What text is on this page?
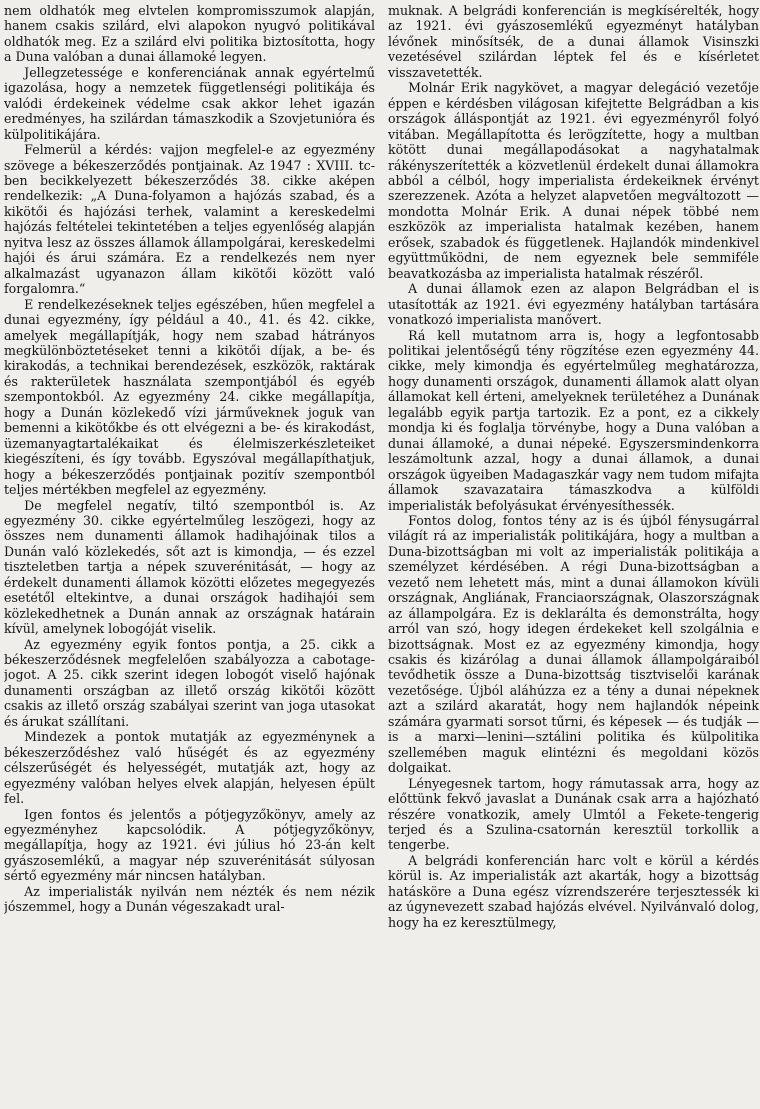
nem oldhatók meg elvtelen kompromisszumok alapján, hanem csakis szilárd, elvi alapokon nyugvó politikával oldhatók meg. Ez a szilárd elvi politika biztosította, hogy a Duna valóban a dunai államoké legyen.

Jellegzetessége e konferenciának annak egyértelmű igazolása, hogy a nemzetek függetlenségi politikája és valódi érdekeinek védelme csak akkor lehet igazán eredményes, ha szilárdan támaszkodik a Szovjetunióra és külpolitikájára.

Felmerül a kérdés: vajjon megfelel-e az egyezmény szövege a békeszerződés pontjainak. Az 1947 : XVIII. tc-ben becikkelyezett békeszerződés 38. cikke aképen rendelkezik: „A Duna-folyamon a hajózás szabad, és a kikötői és hajózási terhek, valamint a kereskedelmi hajózás feltételei tekintetében a teljes egyenlőség alapján nyitva lesz az összes államok állampolgárai, kereskedelmi hajói és árui számára. Ez a rendelkezés nem nyer alkalmazást ugyanazon állam kikötői között való forgalomra.“

E rendelkezéseknek teljes egészében, hűen megfelel a dunai egyezmény, így például a 40., 41. és 42. cikke, amelyek megállapítják, hogy nem szabad hátrányos megkülönböztetéseket tenni a kikötői díjak, a be- és kirakodás, a technikai berendezések, eszközök, raktárak és rakterületek használata szempontjából és egyéb szempontokból. Az egyezmény 24. cikke megállapítja, hogy a Dunán közlekedő vízi járműveknek joguk van bemenni a kikötőkbe és ott elvégezni a be- és kirakodást, üzemanyagtartalékaikat és élelmiszerkészleteiket kiegészíteni, és így tovább. Egyszóval megállapíthatjuk, hogy a békeszerződés pontjainak pozitív szempontból teljes mértékben megfelel az egyezmény.

De megfelel negatív, tiltó szempontból is. Az egyezmény 30. cikke egyértelműleg leszögezi, hogy az összes nem dunamenti államok hadihajóinak tilos a Dunán való közlekedés, sőt azt is kimondja, — és ezzel tiszteletben tartja a népek szuverénitását, — hogy az érdekelt dunamenti államok közötti előzetes megegyezés esetétől eltekintve, a dunai országok hadihajói sem közlekedhetnek a Dunán annak az országnak határain kívül, amelynek lobogóját viselik.

Az egyezmény egyik fontos pontja, a 25. cikk a békeszerződésnek megfelelően szabályozza a cabotage-jogot. A 25. cikk szerint idegen lobogót viselő hajónak dunamenti országban az illető ország kikötői között csakis az illető ország szabályai szerint van joga utasokat és árukat szállítani.

Mindezek a pontok mutatják az egyezménynek a békeszerződéshez való hűségét és az egyezmény célszerűségét és helyességét, mutatják azt, hogy az egyezmény valóban helyes elvek alapján, helyesen épült fel.

Igen fontos és jelentős a pótjegyzőkönyv, amely az egyezményhez kapcsolódik. A pótjegyzőkönyv, megállapítja, hogy az 1921. évi július hó 23-án kelt gyászosemlékű, a magyar nép szuverénitását súlyosan sértő egyezmény már nincsen hatályban.

Az imperialisták nyilván nem nézték és nem nézik jószemmel, hogy a Dunán végeszakadt ural-

muknak. A belgrádi konferencián is megkísérelték, hogy az 1921. évi gyászosemlékű egyezményt hatályban lévőnek minősítsék, de a dunai államok Visinszki vezetésével szilárdan léptek fel és e kísérletet visszavetették.

Molnár Erik nagykövet, a magyar delegáció vezetője éppen e kérdésben világosan kifejtette Belgrádban a kis országok álláspontját az 1921. évi egyezményről folyó vitában. Megállapította és lerögzítette, hogy a multban kötött dunai megállapodásokat a nagyhatalmak rákényszerítették a közvetlenül érdekelt dunai államokra abból a célból, hogy imperialista érdekeiknek érvényt szerezzenek. Azóta a helyzet alapvetően megváltozott — mondotta Molnár Erik. A dunai népek többé nem eszközök az imperialista hatalmak kezében, hanem erősek, szabadok és függetlenek. Hajlandók mindenkivel együttműködni, de nem egyeznek bele semmiféle beavatkozásba az imperialista hatalmak részéről.

A dunai államok ezen az alapon Belgrádban el is utasították az 1921. évi egyezmény hatályban tartására vonatkozó imperialista manővert.

Rá kell mutatnom arra is, hogy a legfontosabb politikai jelentőségű tény rögzítése ezen egyezmény 44. cikke, mely kimondja és egyértelműleg meghatározza, hogy dunamenti országok, dunamenti államok alatt olyan államokat kell érteni, amelyeknek területéhez a Dunának legalább egyik partja tartozik. Ez a pont, ez a cikkely mondja ki és foglalja törvénybe, hogy a Duna valóban a dunai államoké, a dunai népeké. Egyszersmindenkorra leszámoltunk azzal, hogy a dunai államok, a dunai országok ügyeiben Madagaszkár vagy nem tudom mifajta államok szavazataira támaszkodva a külföldi imperialisták befolyásukat érvényesíthessék.

Fontos dolog, fontos tény az is és újból fénysugárral világít rá az imperialisták politikájára, hogy a multban a Duna-bizottságban mi volt az imperialisták politikája a személyzet kérdésében. A régi Duna-bizottságban a vezető nem lehetett más, mint a dunai államokon kívüli országnak, Angliának, Franciaországnak, Olaszországnak az állampolgára. Ez is deklarálta és demonstrálta, hogy arról van szó, hogy idegen érdekeket kell szolgálnia e bizottságnak. Most ez az egyezmény kimondja, hogy csakis és kizárólag a dunai államok állampolgáraiból tevődhetik össze a Duna-bizottság tisztviselői karának vezetősége. Újból aláhúzza ez a tény a dunai népeknek azt a szilárd akaratát, hogy nem hajlandók népeink számára gyarmati sorsot tűrni, és képesek — és tudják — is a marxi—lenini—sztálini politika és külpolitika szellemében maguk elintézni és megoldani közös dolgaikat.

Lényegesnek tartom, hogy rámutassak arra, hogy az előttünk fekvő javaslat a Dunának csak arra a hajózható részére vonatkozik, amely Ulmtól a Fekete-tengerig terjed és a Szulina-csatornán keresztül torkollik a tengerbe.

A belgrádi konferencián harc volt e körül a kérdés körül is. Az imperialisták azt akarták, hogy a bizottság hatásköre a Duna egész vízrendszerére terjesztessék ki az úgynevezett szabad hajózás elvével. Nyilvánvaló dolog, hogy ha ez keresztülmegy,
